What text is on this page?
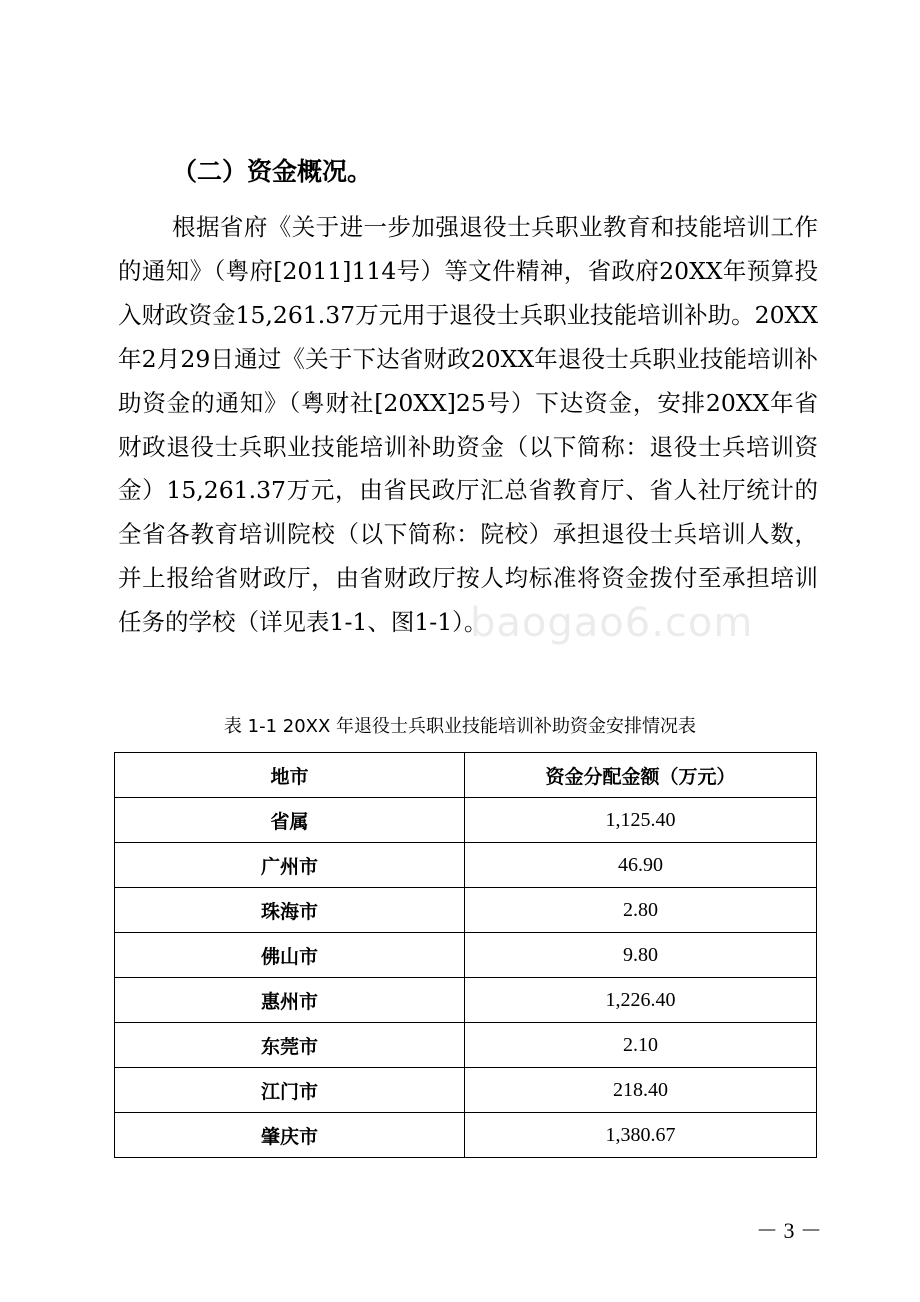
（二）资金概况。

根据省府《关于进一步加强退役士兵职业教育和技能培训工作的通知》（粤府[2011]114号）等文件精神，省政府20XX年预算投入财政资金15,261.37万元用于退役士兵职业技能培训补助。20XX年2月29日通过《关于下达省财政20XX年退役士兵职业技能培训补助资金的通知》（粤财社[20XX]25号）下达资金，安排20XX年省财政退役士兵职业技能培训补助资金（以下简称：退役士兵培训资金）15,261.37万元，由省民政厅汇总省教育厅、省人社厅统计的全省各教育培训院校（以下简称：院校）承担退役士兵培训人数，并上报给省财政厅，由省财政厅按人均标准将资金拨付至承担培训任务的学校（详见表1-1、图1-1）。

baogao6.com
表 1-1 20XX 年退役士兵职业技能培训补助资金安排情况表
地市	资金分配金额（万元）
省属	1,125.40
广州市	46.90
珠海市	2.80
佛山市	9.80
惠州市	1,226.40
东莞市	2.10
江门市	218.40
肇庆市	1,380.67
－ 3 －
